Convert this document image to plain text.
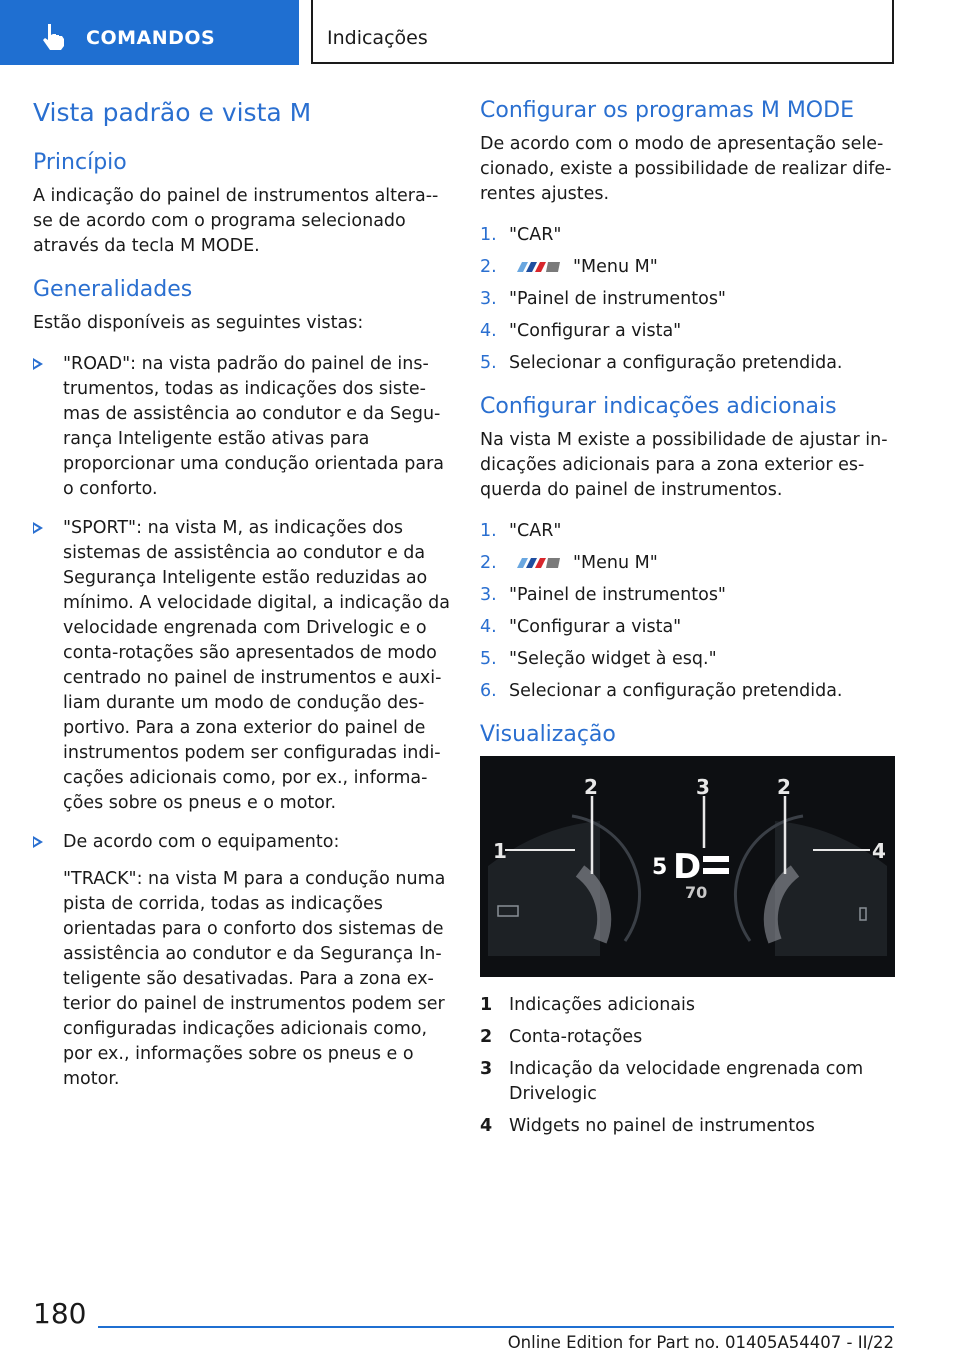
COMANDOS	Indicações
Vista padrão e vista M
Princípio

A indicação do painel de instrumentos altera--se de acordo com o programa selecionado através da tecla M MODE.

Generalidades

Estão disponíveis as seguintes vistas:

"ROAD": na vista padrão do painel de ins-trumentos, todas as indicações dos siste-mas de assistência ao condutor e da Segu-rança Inteligente estão ativas para proporcionar uma condução orientada para o conforto.
"SPORT": na vista M, as indicações dos sistemas de assistência ao condutor e da Segurança Inteligente estão reduzidas ao mínimo. A velocidade digital, a indicação da velocidade engrenada com Drivelogic e o conta-rotações são apresentados de modo centrado no painel de instrumentos e auxi-liam durante um modo de condução des-portivo. Para a zona exterior do painel de instrumentos podem ser configuradas indi-cações adicionais como, por ex., informa-ções sobre os pneus e o motor.
De acordo com o equipamento:
"TRACK": na vista M para a condução numa pista de corrida, todas as indicações orientadas para o conforto dos sistemas de assistência ao condutor e da Segurança In-teligente são desativadas. Para a zona ex-terior do painel de instrumentos podem ser configuradas indicações adicionais como, por ex., informações sobre os pneus e o motor.
Configurar os programas M MODE

De acordo com o modo de apresentação sele-cionado, existe a possibilidade de realizar dife-rentes ajustes.

1. "CAR"
2.	"Menu M"
3. "Painel de instrumentos"
4. "Configurar a vista"
5. Selecionar a configuração pretendida.
Configurar indicações adicionais

Na vista M existe a possibilidade de ajustar in-dicações adicionais para a zona exterior es-querda do painel de instrumentos.

1. "CAR"
2.	"Menu M"
3. "Painel de instrumentos"
4. "Configurar a vista"
5. "Seleção widget à esq."
6. Selecionar a configuração pretendida.
Visualização
1
2	3	2
4
5 D
70
1 Indicações adicionais
2 Conta-rotações
3 Indicação da velocidade engrenada com Drivelogic
4 Widgets no painel de instrumentos
180
Online Edition for Part no. 01405A54407 - II/22
